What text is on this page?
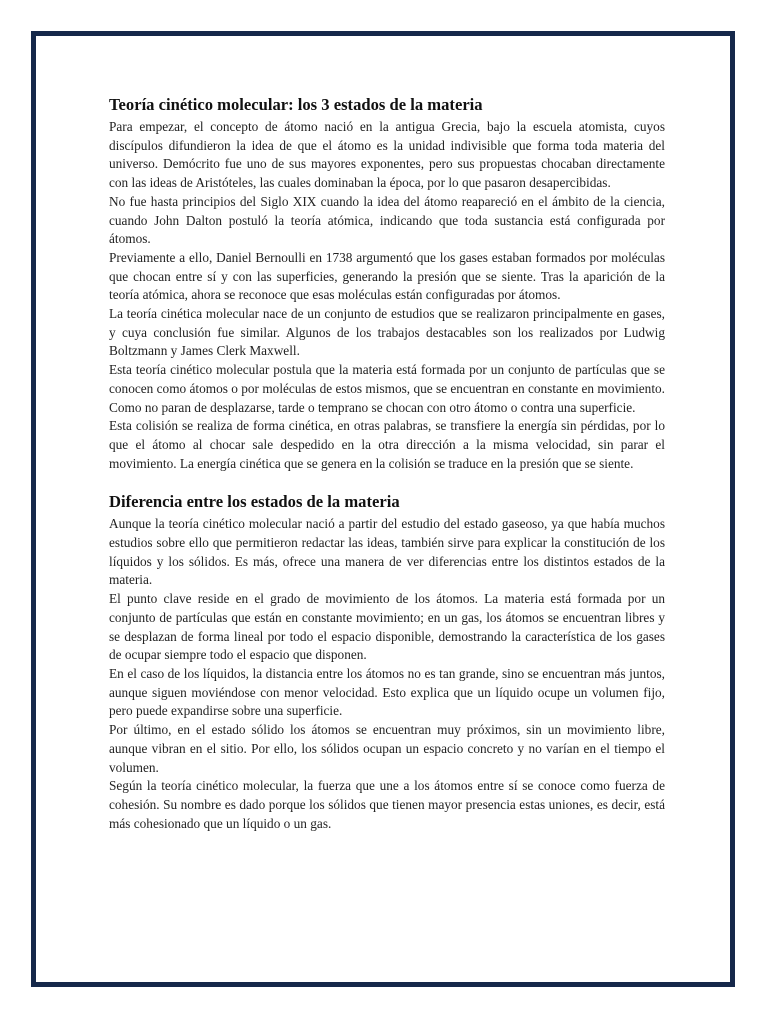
Teoría cinético molecular: los 3 estados de la materia

Para empezar, el concepto de átomo nació en la antigua Grecia, bajo la escuela atomista, cuyos discípulos difundieron la idea de que el átomo es la unidad indivisible que forma toda materia del universo. Demócrito fue uno de sus mayores exponentes, pero sus propuestas chocaban directamente con las ideas de Aristóteles, las cuales dominaban la época, por lo que pasaron desapercibidas.

No fue hasta principios del Siglo XIX cuando la idea del átomo reapareció en el ámbito de la ciencia, cuando John Dalton postuló la teoría atómica, indicando que toda sustancia está configurada por átomos.

Previamente a ello, Daniel Bernoulli en 1738 argumentó que los gases estaban formados por moléculas que chocan entre sí y con las superficies, generando la presión que se siente. Tras la aparición de la teoría atómica, ahora se reconoce que esas moléculas están configuradas por átomos.

La teoría cinética molecular nace de un conjunto de estudios que se realizaron principalmente en gases, y cuya conclusión fue similar. Algunos de los trabajos destacables son los realizados por Ludwig Boltzmann y James Clerk Maxwell.

Esta teoría cinético molecular postula que la materia está formada por un conjunto de partículas que se conocen como átomos o por moléculas de estos mismos, que se encuentran en constante en movimiento. Como no paran de desplazarse, tarde o temprano se chocan con otro átomo o contra una superficie.

Esta colisión se realiza de forma cinética, en otras palabras, se transfiere la energía sin pérdidas, por lo que el átomo al chocar sale despedido en la otra dirección a la misma velocidad, sin parar el movimiento. La energía cinética que se genera en la colisión se traduce en la presión que se siente.

Diferencia entre los estados de la materia

Aunque la teoría cinético molecular nació a partir del estudio del estado gaseoso, ya que había muchos estudios sobre ello que permitieron redactar las ideas, también sirve para explicar la constitución de los líquidos y los sólidos. Es más, ofrece una manera de ver diferencias entre los distintos estados de la materia.

El punto clave reside en el grado de movimiento de los átomos. La materia está formada por un conjunto de partículas que están en constante movimiento; en un gas, los átomos se encuentran libres y se desplazan de forma lineal por todo el espacio disponible, demostrando la característica de los gases de ocupar siempre todo el espacio que disponen.

En el caso de los líquidos, la distancia entre los átomos no es tan grande, sino se encuentran más juntos, aunque siguen moviéndose con menor velocidad. Esto explica que un líquido ocupe un volumen fijo, pero puede expandirse sobre una superficie.

Por último, en el estado sólido los átomos se encuentran muy próximos, sin un movimiento libre, aunque vibran en el sitio. Por ello, los sólidos ocupan un espacio concreto y no varían en el tiempo el volumen.

Según la teoría cinético molecular, la fuerza que une a los átomos entre sí se conoce como fuerza de cohesión. Su nombre es dado porque los sólidos que tienen mayor presencia estas uniones, es decir, está más cohesionado que un líquido o un gas.
